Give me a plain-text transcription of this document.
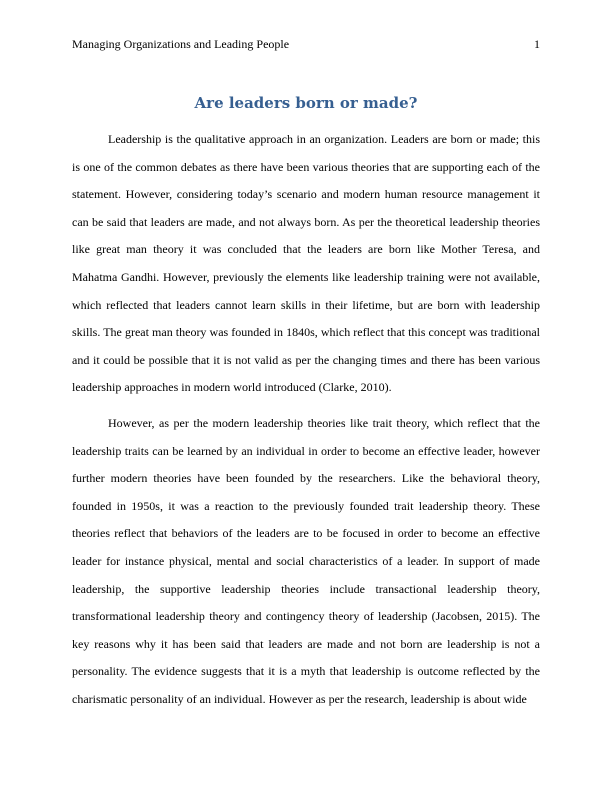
Managing Organizations and Leading People	1
Are leaders born or made?

Leadership is the qualitative approach in an organization. Leaders are born or made; this is one of the common debates as there have been various theories that are supporting each of the statement. However, considering today’s scenario and modern human resource management it can be said that leaders are made, and not always born. As per the theoretical leadership theories like great man theory it was concluded that the leaders are born like Mother Teresa, and Mahatma Gandhi. However, previously the elements like leadership training were not available, which reflected that leaders cannot learn skills in their lifetime, but are born with leadership skills. The great man theory was founded in 1840s, which reflect that this concept was traditional and it could be possible that it is not valid as per the changing times and there has been various leadership approaches in modern world introduced (Clarke, 2010).

However, as per the modern leadership theories like trait theory, which reflect that the leadership traits can be learned by an individual in order to become an effective leader, however further modern theories have been founded by the researchers. Like the behavioral theory, founded in 1950s, it was a reaction to the previously founded trait leadership theory. These theories reflect that behaviors of the leaders are to be focused in order to become an effective leader for instance physical, mental and social characteristics of a leader. In support of made leadership, the supportive leadership theories include transactional leadership theory, transformational leadership theory and contingency theory of leadership (Jacobsen, 2015). The key reasons why it has been said that leaders are made and not born are leadership is not a personality. The evidence suggests that it is a myth that leadership is outcome reflected by the charismatic personality of an individual. However as per the research, leadership is about wide
